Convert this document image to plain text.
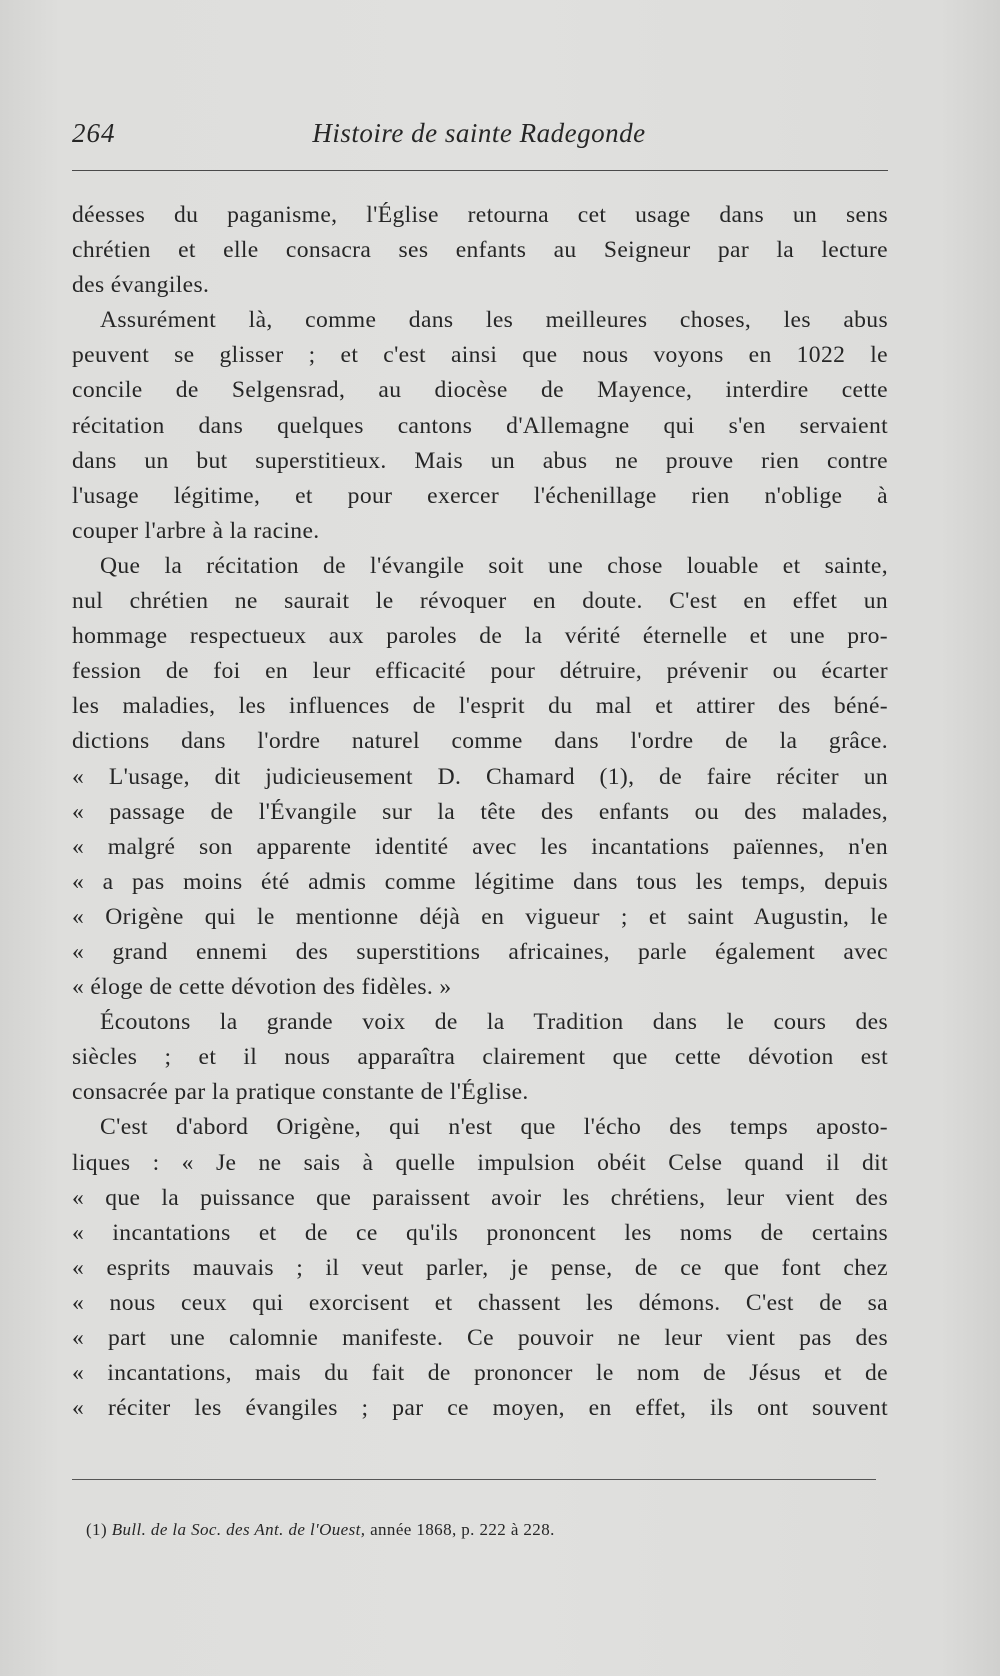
264	Histoire de sainte Radegonde
déesses du paganisme, l'Église retourna cet usage dans un sens
chrétien et elle consacra ses enfants au Seigneur par la lecture
des évangiles.
Assurément là, comme dans les meilleures choses, les abus
peuvent se glisser ; et c'est ainsi que nous voyons en 1022 le
concile de Selgensrad, au diocèse de Mayence, interdire cette
récitation dans quelques cantons d'Allemagne qui s'en servaient
dans un but superstitieux. Mais un abus ne prouve rien contre
l'usage légitime, et pour exercer l'échenillage rien n'oblige à
couper l'arbre à la racine.
Que la récitation de l'évangile soit une chose louable et sainte,
nul chrétien ne saurait le révoquer en doute. C'est en effet un
hommage respectueux aux paroles de la vérité éternelle et une pro-
fession de foi en leur efficacité pour détruire, prévenir ou écarter
les maladies, les influences de l'esprit du mal et attirer des béné-
dictions dans l'ordre naturel comme dans l'ordre de la grâce.
« L'usage, dit judicieusement D. Chamard (1), de faire réciter un
« passage de l'Évangile sur la tête des enfants ou des malades,
« malgré son apparente identité avec les incantations païennes, n'en
« a pas moins été admis comme légitime dans tous les temps, depuis
« Origène qui le mentionne déjà en vigueur ; et saint Augustin, le
« grand ennemi des superstitions africaines, parle également avec
« éloge de cette dévotion des fidèles. »
Écoutons la grande voix de la Tradition dans le cours des
siècles ; et il nous apparaîtra clairement que cette dévotion est
consacrée par la pratique constante de l'Église.
C'est d'abord Origène, qui n'est que l'écho des temps aposto-
liques : « Je ne sais à quelle impulsion obéit Celse quand il dit
« que la puissance que paraissent avoir les chrétiens, leur vient des
« incantations et de ce qu'ils prononcent les noms de certains
« esprits mauvais ; il veut parler, je pense, de ce que font chez
« nous ceux qui exorcisent et chassent les démons. C'est de sa
« part une calomnie manifeste. Ce pouvoir ne leur vient pas des
« incantations, mais du fait de prononcer le nom de Jésus et de
« réciter les évangiles ; par ce moyen, en effet, ils ont souvent
(1) Bull. de la Soc. des Ant. de l'Ouest, année 1868, p. 222 à 228.
